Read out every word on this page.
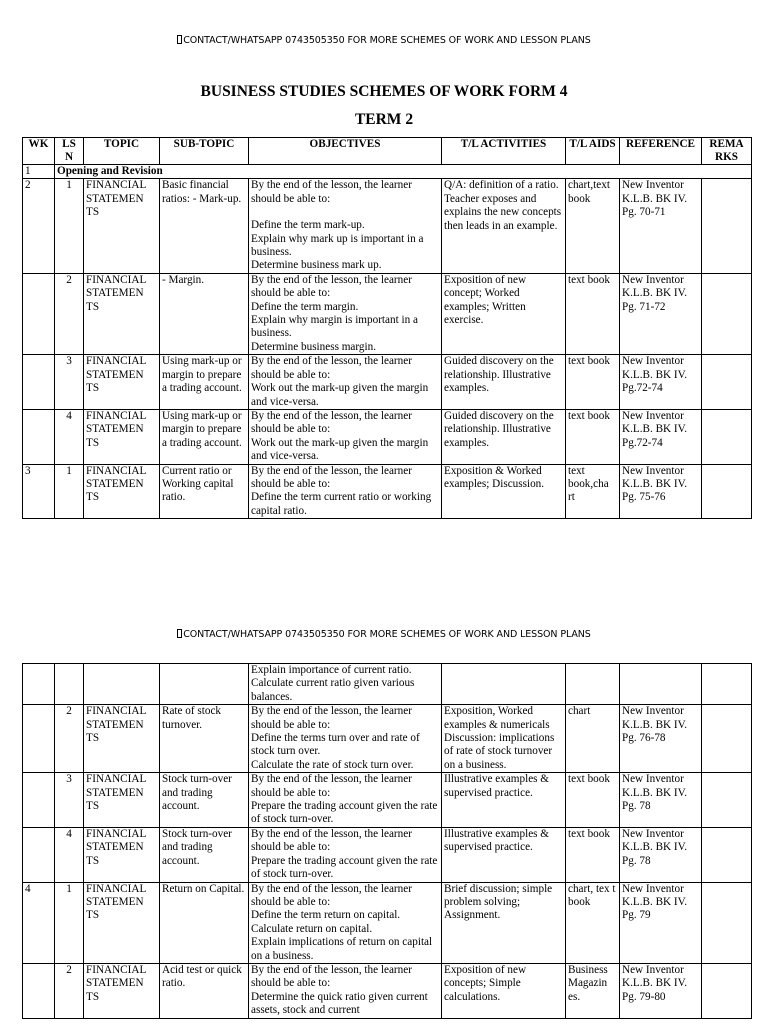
CONTACT/WHATSAPP 0743505350 FOR MORE SCHEMES OF WORK AND LESSON PLANS
BUSINESS STUDIES SCHEMES OF WORK FORM 4
TERM 2
WK	LS N	TOPIC	SUB-TOPIC	OBJECTIVES	T/L ACTIVITIES	T/L AIDS	REFERENCE	REMA RKS
1	Opening and Revision							
2	1	FINANCIAL STATEMEN TS	Basic financial ratios: - Mark-up.	By the end of the lesson, the learner should be able to:
Define the term mark-up.
Explain why mark up is important in a business.
Determine business mark up.	Q/A: definition of a ratio. Teacher exposes and explains the new concepts then leads in an example.	chart,text book	New Inventor K.L.B. BK IV. Pg. 70-71	
	2	FINANCIAL STATEMEN TS	- Margin.	By the end of the lesson, the learner should be able to:
Define the term margin.
Explain why margin is important in a business.
Determine business margin.	Exposition of new concept; Worked examples; Written exercise.	text book	New Inventor K.L.B. BK IV. Pg. 71-72	
	3	FINANCIAL STATEMEN TS	Using mark-up or margin to prepare a trading account.	By the end of the lesson, the learner should be able to:
Work out the mark-up given the margin and vice-versa.	Guided discovery on the relationship. Illustrative examples.	text book	New Inventor K.L.B. BK IV. Pg.72-74	
	4	FINANCIAL STATEMEN TS	Using mark-up or margin to prepare a trading account.	By the end of the lesson, the learner should be able to:
Work out the mark-up given the margin and vice-versa.	Guided discovery on the relationship. Illustrative examples.	text book	New Inventor K.L.B. BK IV. Pg.72-74	
3	1	FINANCIAL STATEMEN TS	Current ratio or Working capital ratio.	By the end of the lesson, the learner should be able to:
Define the term current ratio or working capital ratio.	Exposition & Worked examples; Discussion.	text book,cha rt	New Inventor K.L.B. BK IV. Pg. 75-76	
CONTACT/WHATSAPP 0743505350 FOR MORE SCHEMES OF WORK AND LESSON PLANS

				Explain importance of current ratio.
Calculate current ratio given various balances.				

	2	FINANCIAL STATEMEN TS	Rate of stock turnover.	By the end of the lesson, the learner should be able to:
Define the terms turn over and rate of stock turn over.
Calculate the rate of stock turn over.	Exposition, Worked examples & numericals Discussion: implications of rate of stock turnover on a business.	chart	New Inventor K.L.B. BK IV. Pg. 76-78	
	3	FINANCIAL STATEMEN TS	Stock turn-over and trading account.	By the end of the lesson, the learner should be able to:
Prepare the trading account given the rate of stock turn-over.	Illustrative examples & supervised practice.	text book	New Inventor K.L.B. BK IV. Pg. 78	
	4	FINANCIAL STATEMEN TS	Stock turn-over and trading account.	By the end of the lesson, the learner should be able to:
Prepare the trading account given the rate of stock turn-over.	Illustrative examples & supervised practice.	text book	New Inventor K.L.B. BK IV. Pg. 78	
4	1	FINANCIAL STATEMEN TS	Return on Capital.	By the end of the lesson, the learner should be able to:
Define the term return on capital.
Calculate return on capital.
Explain implications of return on capital on a business.	Brief discussion; simple problem solving; Assignment.	chart, tex t book	New Inventor K.L.B. BK IV. Pg. 79	
	2	FINANCIAL STATEMEN TS	Acid test or quick ratio.	By the end of the lesson, the learner should be able to:
Determine the quick ratio given current assets, stock and current	Exposition of new concepts; Simple calculations.	Business Magazin es.	New Inventor K.L.B. BK IV. Pg. 79-80	
